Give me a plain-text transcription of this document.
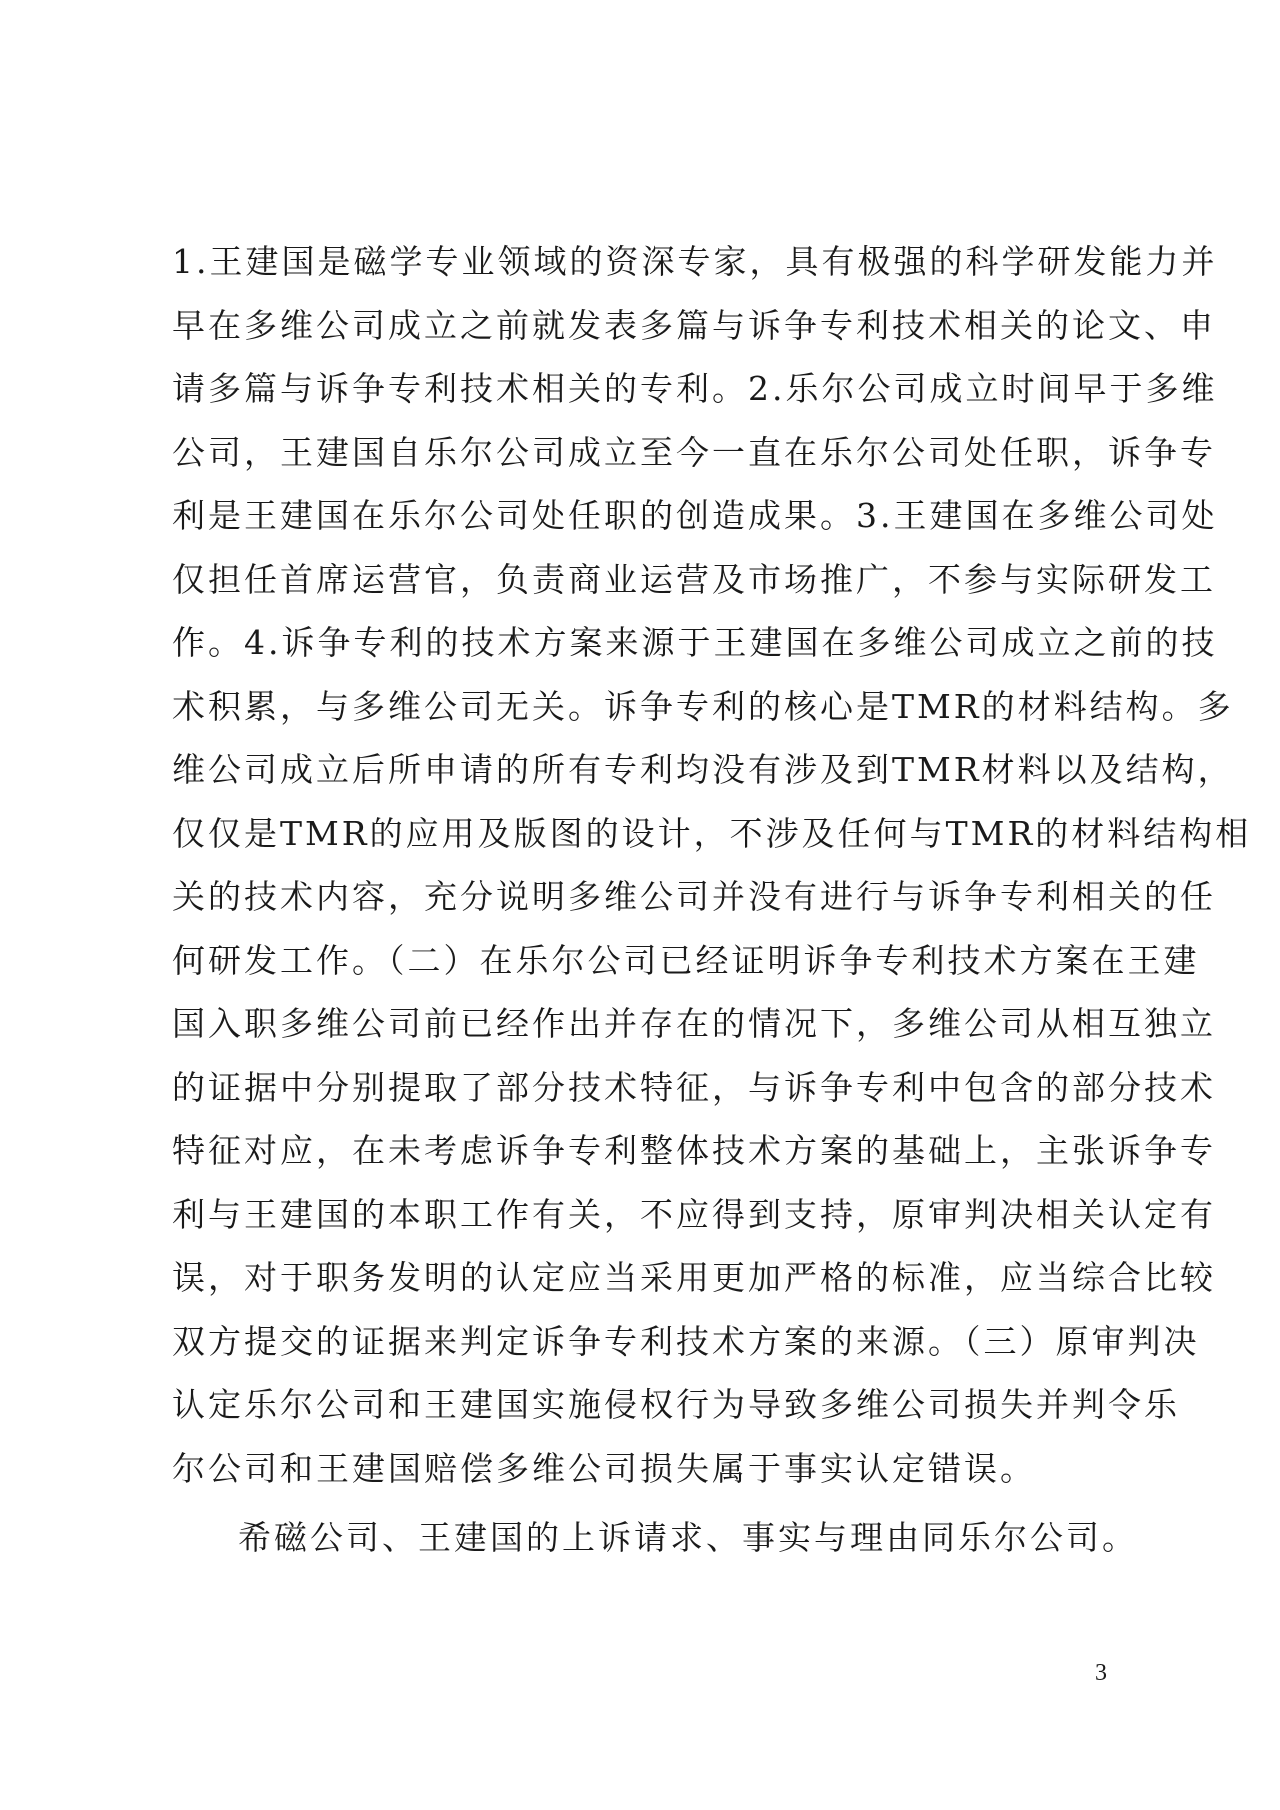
1.王建国是磁学专业领域的资深专家，具有极强的科学研发能力并
早在多维公司成立之前就发表多篇与诉争专利技术相关的论文、申
请多篇与诉争专利技术相关的专利。2.乐尔公司成立时间早于多维
公司，王建国自乐尔公司成立至今一直在乐尔公司处任职，诉争专
利是王建国在乐尔公司处任职的创造成果。3.王建国在多维公司处
仅担任首席运营官，负责商业运营及市场推广，不参与实际研发工
作。4.诉争专利的技术方案来源于王建国在多维公司成立之前的技
术积累，与多维公司无关。诉争专利的核心是TMR的材料结构。多
维公司成立后所申请的所有专利均没有涉及到TMR材料以及结构，
仅仅是TMR的应用及版图的设计，不涉及任何与TMR的材料结构相
关的技术内容，充分说明多维公司并没有进行与诉争专利相关的任
何研发工作。（二）在乐尔公司已经证明诉争专利技术方案在王建
国入职多维公司前已经作出并存在的情况下，多维公司从相互独立
的证据中分别提取了部分技术特征，与诉争专利中包含的部分技术
特征对应，在未考虑诉争专利整体技术方案的基础上，主张诉争专
利与王建国的本职工作有关，不应得到支持，原审判决相关认定有
误，对于职务发明的认定应当采用更加严格的标准，应当综合比较
双方提交的证据来判定诉争专利技术方案的来源。（三）原审判决
认定乐尔公司和王建国实施侵权行为导致多维公司损失并判令乐
尔公司和王建国赔偿多维公司损失属于事实认定错误。
希磁公司、王建国的上诉请求、事实与理由同乐尔公司。
3
